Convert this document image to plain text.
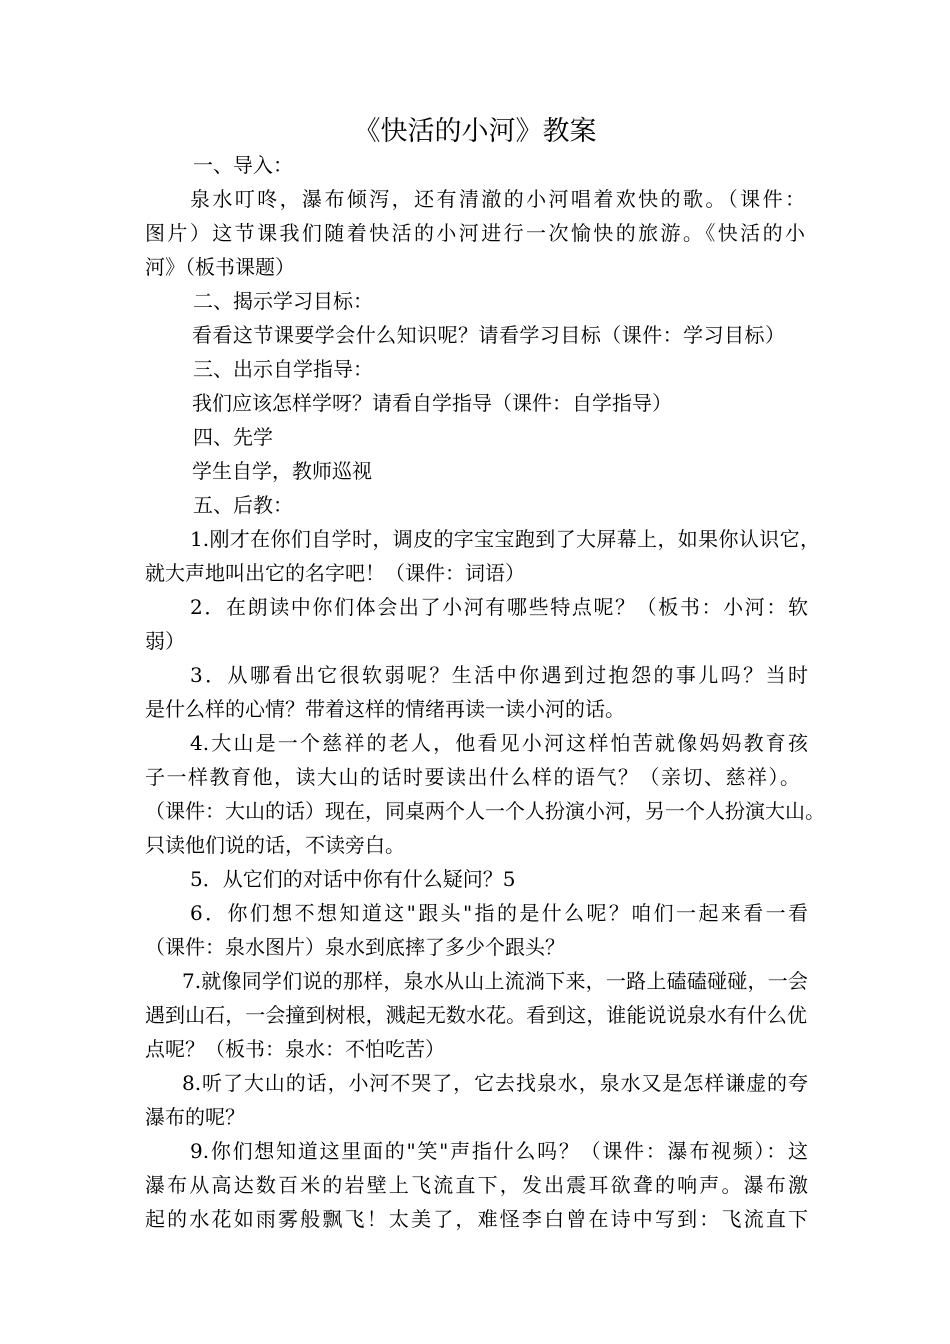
《快活的小河》教案
一、导入：
泉水叮咚，瀑布倾泻，还有清澈的小河唱着欢快的歌。（课件：
图片）这节课我们随着快活的小河进行一次愉快的旅游。《快活的小
河》（板书课题）
二、揭示学习目标：
看看这节课要学会什么知识呢？请看学习目标（课件：学习目标）
三、出示自学指导：
我们应该怎样学呀？请看自学指导（课件：自学指导）
四、先学
学生自学，教师巡视
五、后教：
1.刚才在你们自学时，调皮的字宝宝跑到了大屏幕上，如果你认识它，
就大声地叫出它的名字吧！（课件：词语）
2．在朗读中你们体会出了小河有哪些特点呢？（板书：小河：软
弱）
3．从哪看出它很软弱呢？生活中你遇到过抱怨的事儿吗？当时
是什么样的心情？带着这样的情绪再读一读小河的话。
4.大山是一个慈祥的老人，他看见小河这样怕苦就像妈妈教育孩
子一样教育他，读大山的话时要读出什么样的语气？（亲切、慈祥）。
（课件：大山的话）现在，同桌两个人一个人扮演小河，另一个人扮演大山。
只读他们说的话，不读旁白。
5．从它们的对话中你有什么疑问？5
6．你们想不想知道这"跟头"指的是什么呢？咱们一起来看一看
（课件：泉水图片）泉水到底摔了多少个跟头？
7.就像同学们说的那样，泉水从山上流淌下来，一路上磕磕碰碰，一会
遇到山石，一会撞到树根，溅起无数水花。看到这，谁能说说泉水有什么优
点呢？（板书：泉水：不怕吃苦）
8.听了大山的话，小河不哭了，它去找泉水，泉水又是怎样谦虚的夸
瀑布的呢？
9.你们想知道这里面的"笑"声指什么吗？（课件：瀑布视频）：这
瀑布从高达数百米的岩壁上飞流直下，发出震耳欲聋的响声。瀑布激
起的水花如雨雾般飘飞！太美了，难怪李白曾在诗中写到：飞流直下
